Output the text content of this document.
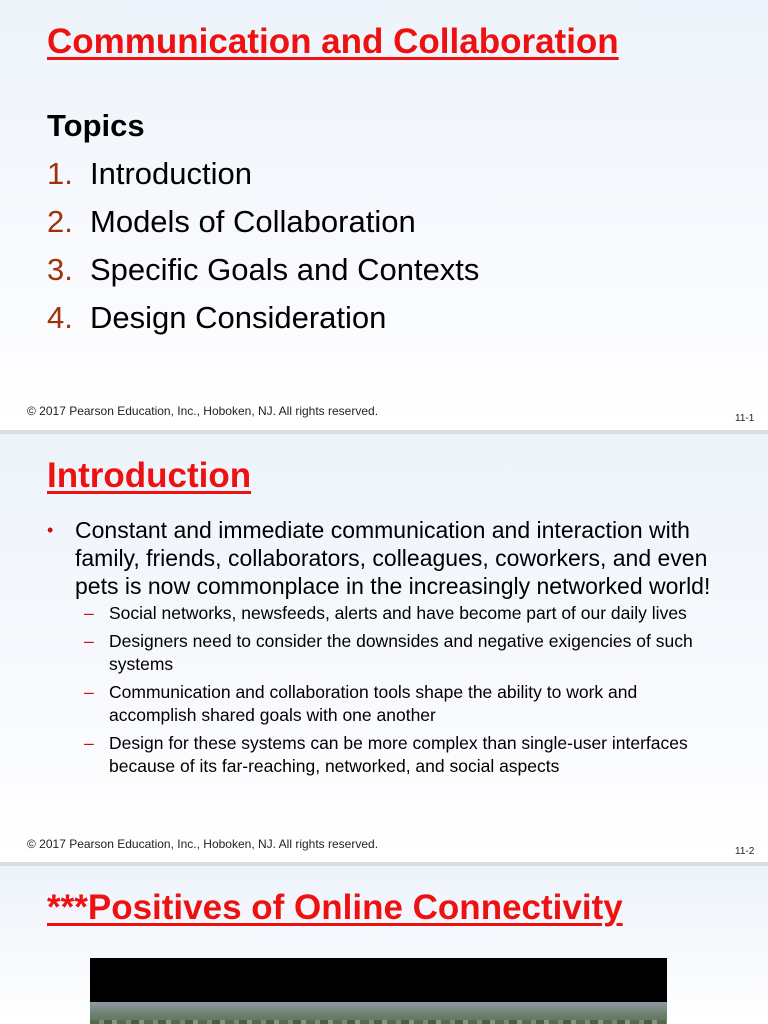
Communication and Collaboration
Topics
1. Introduction
2. Models of Collaboration
3. Specific Goals and Contexts
4. Design Consideration
© 2017 Pearson Education, Inc., Hoboken, NJ. All rights reserved.
11-1
Introduction
• Constant and immediate communication and interaction with family, friends, collaborators, colleagues, coworkers, and even pets is now commonplace in the increasingly networked world!
– Social networks, newsfeeds, alerts and have become part of our daily lives
– Designers need to consider the downsides and negative exigencies of such systems
– Communication and collaboration tools shape the ability to work and accomplish shared goals with one another
– Design for these systems can be more complex than single-user interfaces because of its far-reaching, networked, and social aspects
© 2017 Pearson Education, Inc., Hoboken, NJ. All rights reserved.
11-2
***Positives of Online Connectivity
